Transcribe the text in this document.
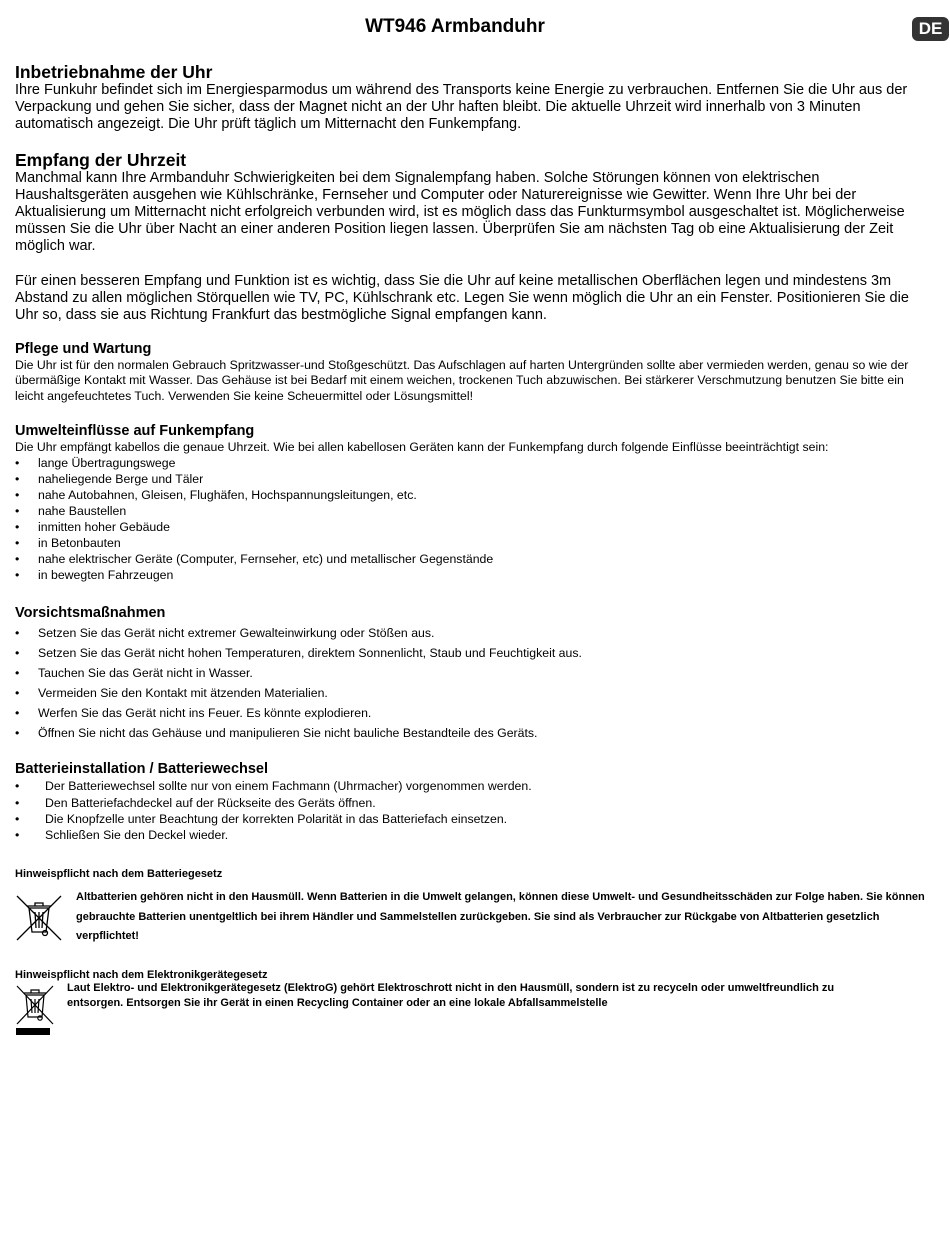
WT946 Armbanduhr	DE
Inbetriebnahme der Uhr

Ihre Funkuhr befindet sich im Energiesparmodus um während des Transports keine Energie zu verbrauchen. Entfernen Sie die Uhr aus der Verpackung und gehen Sie sicher, dass der Magnet nicht an der Uhr haften bleibt. Die aktuelle Uhrzeit wird innerhalb von 3 Minuten automatisch angezeigt. Die Uhr prüft täglich um Mitternacht den Funkempfang.

Empfang der Uhrzeit

Manchmal kann Ihre Armbanduhr Schwierigkeiten bei dem Signalempfang haben. Solche Störungen können von elektrischen Haushaltsgeräten ausgehen wie Kühlschränke, Fernseher und Computer oder Naturereignisse wie Gewitter. Wenn Ihre Uhr bei der Aktualisierung um Mitternacht nicht erfolgreich verbunden wird, ist es möglich dass das Funkturmsymbol ausgeschaltet ist. Möglicherweise müssen Sie die Uhr über Nacht an einer anderen Position liegen lassen. Überprüfen Sie am nächsten Tag ob eine Aktualisierung der Zeit möglich war.

Für einen besseren Empfang und Funktion ist es wichtig, dass Sie die Uhr auf keine metallischen Oberflächen legen und mindestens 3m Abstand zu allen möglichen Störquellen wie TV, PC, Kühlschrank etc. Legen Sie wenn möglich die Uhr an ein Fenster. Positionieren Sie die Uhr so, dass sie aus Richtung Frankfurt das bestmögliche Signal empfangen kann.

Pflege und Wartung

Die Uhr ist für den normalen Gebrauch Spritzwasser-und Stoßgeschützt. Das Aufschlagen auf harten Untergründen sollte aber vermieden werden, genau so wie der übermäßige Kontakt mit Wasser. Das Gehäuse ist bei Bedarf mit einem weichen, trockenen Tuch abzuwischen. Bei stärkerer Verschmutzung benutzen Sie bitte ein leicht angefeuchtetes Tuch. Verwenden Sie keine Scheuermittel oder Lösungsmittel!

Umwelteinflüsse auf Funkempfang

Die Uhr empfängt kabellos die genaue Uhrzeit. Wie bei allen kabellosen Geräten kann der Funkempfang durch folgende Einflüsse beeinträchtigt sein:

• lange Übertragungswege
• naheliegende Berge und Täler
• nahe Autobahnen, Gleisen, Flughäfen, Hochspannungsleitungen, etc.
• nahe Baustellen
• inmitten hoher Gebäude
• in Betonbauten
• nahe elektrischer Geräte (Computer, Fernseher, etc) und metallischer Gegenstände
• in bewegten Fahrzeugen
Vorsichtsmaßnahmen
• Setzen Sie das Gerät nicht extremer Gewalteinwirkung oder Stößen aus.
• Setzen Sie das Gerät nicht hohen Temperaturen, direktem Sonnenlicht, Staub und Feuchtigkeit aus.
• Tauchen Sie das Gerät nicht in Wasser.
• Vermeiden Sie den Kontakt mit ätzenden Materialien.
• Werfen Sie das Gerät nicht ins Feuer. Es könnte explodieren.
• Öffnen Sie nicht das Gehäuse und manipulieren Sie nicht bauliche Bestandteile des Geräts.
Batterieinstallation / Batteriewechsel
• Der Batteriewechsel sollte nur von einem Fachmann (Uhrmacher) vorgenommen werden.
• Den Batteriefachdeckel auf der Rückseite des Geräts öffnen.
• Die Knopfzelle unter Beachtung der korrekten Polarität in das Batteriefach einsetzen.
• Schließen Sie den Deckel wieder.
Hinweispflicht nach dem Batteriegesetz

Altbatterien gehören nicht in den Hausmüll. Wenn Batterien in die Umwelt gelangen, können diese Umwelt- und Gesundheitsschäden zur Folge haben. Sie können gebrauchte Batterien unentgeltlich bei ihrem Händler und Sammelstellen zurückgeben. Sie sind als Verbraucher zur Rückgabe von Altbatterien gesetzlich verpflichtet!

Hinweispflicht nach dem Elektronikgerätegesetz

Laut Elektro- und Elektronikgerätegesetz (ElektroG) gehört Elektroschrott nicht in den Hausmüll, sondern ist zu recyceln oder umweltfreundlich zu entsorgen. Entsorgen Sie ihr Gerät in einen Recycling Container oder an eine lokale Abfallsammelstelle
